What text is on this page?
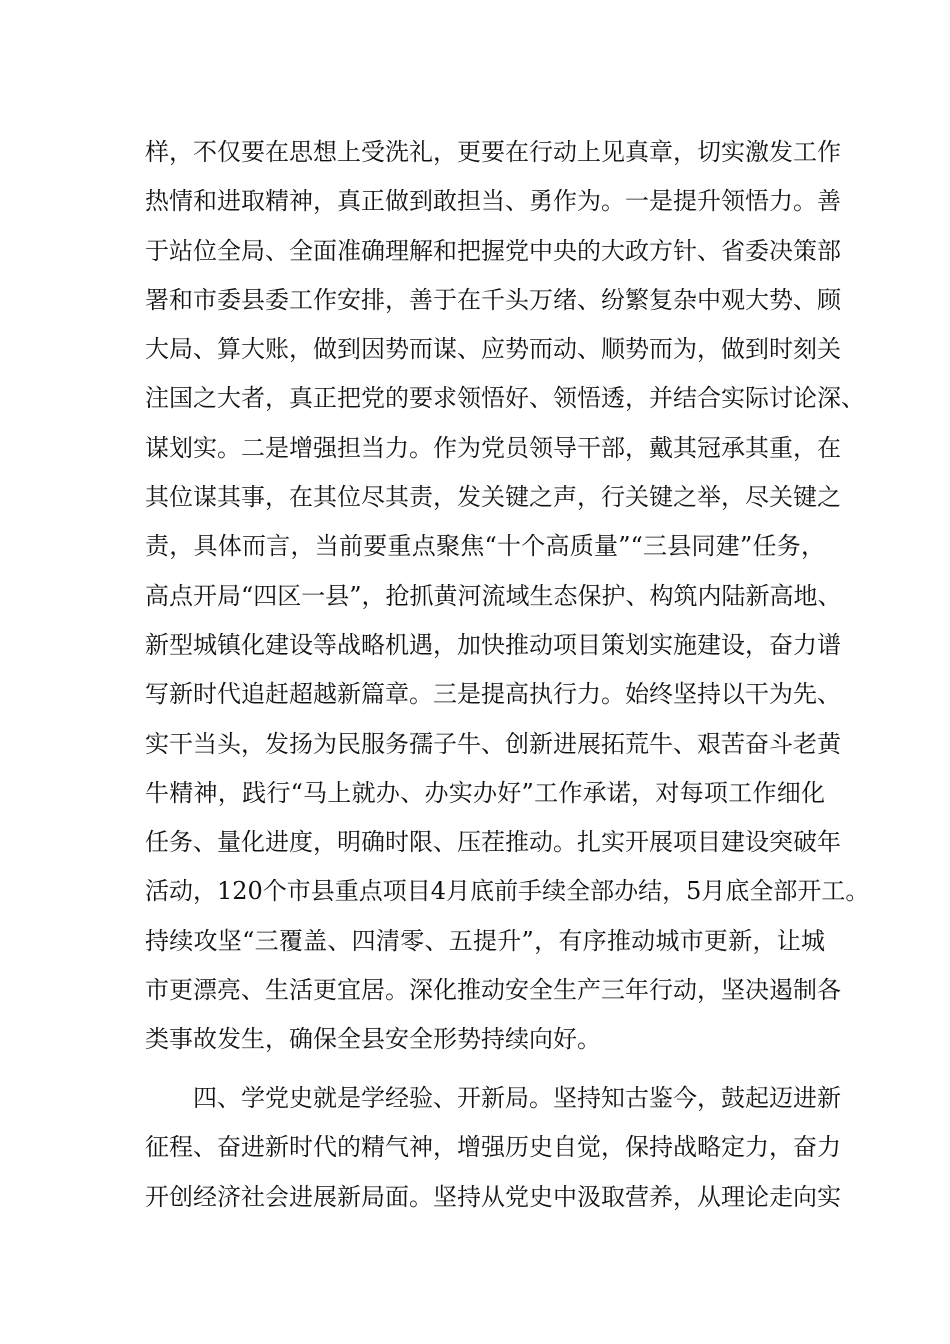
样，不仅要在思想上受洗礼，更要在行动上见真章，切实激发工作
热情和进取精神，真正做到敢担当、勇作为。一是提升领悟力。善
于站位全局、全面准确理解和把握党中央的大政方针、省委决策部
署和市委县委工作安排，善于在千头万绪、纷繁复杂中观大势、顾
大局、算大账，做到因势而谋、应势而动、顺势而为，做到时刻关
注国之大者，真正把党的要求领悟好、领悟透，并结合实际讨论深、
谋划实。二是增强担当力。作为党员领导干部，戴其冠承其重，在
其位谋其事，在其位尽其责，发关键之声，行关键之举，尽关键之
责，具体而言，当前要重点聚焦“十个高质量”“三县同建”任务，
高点开局“四区一县”，抢抓黄河流域生态保护、构筑内陆新高地、
新型城镇化建设等战略机遇，加快推动项目策划实施建设，奋力谱
写新时代追赶超越新篇章。三是提高执行力。始终坚持以干为先、
实干当头，发扬为民服务孺子牛、创新进展拓荒牛、艰苦奋斗老黄
牛精神，践行“马上就办、办实办好”工作承诺，对每项工作细化
任务、量化进度，明确时限、压茬推动。扎实开展项目建设突破年
活动，120个市县重点项目4月底前手续全部办结，5月底全部开工。
持续攻坚“三覆盖、四清零、五提升”，有序推动城市更新，让城
市更漂亮、生活更宜居。深化推动安全生产三年行动，坚决遏制各
类事故发生，确保全县安全形势持续向好。
四、学党史就是学经验、开新局。坚持知古鉴今，鼓起迈进新
征程、奋进新时代的精气神，增强历史自觉，保持战略定力，奋力
开创经济社会进展新局面。坚持从党史中汲取营养，从理论走向实
